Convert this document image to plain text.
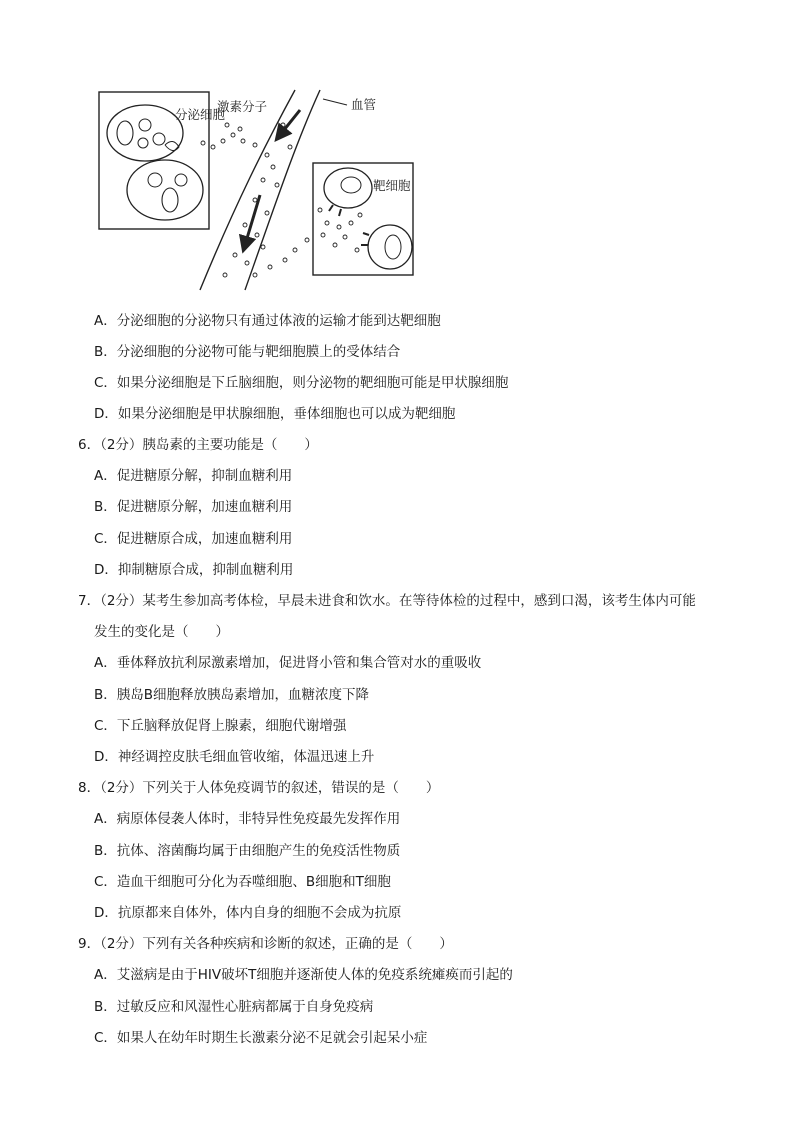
分泌细胞
血管
激素分子
靶细胞
A．分泌细胞的分泌物只有通过体液的运输才能到达靶细胞
B．分泌细胞的分泌物可能与靶细胞膜上的受体结合
C．如果分泌细胞是下丘脑细胞，则分泌物的靶细胞可能是甲状腺细胞
D．如果分泌细胞是甲状腺细胞，垂体细胞也可以成为靶细胞
6．（2分）胰岛素的主要功能是（　　）
A．促进糖原分解，抑制血糖利用
B．促进糖原分解，加速血糖利用
C．促进糖原合成，加速血糖利用
D．抑制糖原合成，抑制血糖利用
7．（2分）某考生参加高考体检，早晨未进食和饮水。在等待体检的过程中，感到口渴，该考生体内可能
发生的变化是（　　）
A．垂体释放抗利尿激素增加，促进肾小管和集合管对水的重吸收
B．胰岛B细胞释放胰岛素增加，血糖浓度下降
C．下丘脑释放促肾上腺素，细胞代谢增强
D．神经调控皮肤毛细血管收缩，体温迅速上升
8．（2分）下列关于人体免疫调节的叙述，错误的是（　　）
A．病原体侵袭人体时，非特异性免疫最先发挥作用
B．抗体、溶菌酶均属于由细胞产生的免疫活性物质
C．造血干细胞可分化为吞噬细胞、B细胞和T细胞
D．抗原都来自体外，体内自身的细胞不会成为抗原
9．（2分）下列有关各种疾病和诊断的叙述，正确的是（　　）
A．艾滋病是由于HIV破坏T细胞并逐渐使人体的免疫系统瘫痪而引起的
B．过敏反应和风湿性心脏病都属于自身免疫病
C．如果人在幼年时期生长激素分泌不足就会引起呆小症
